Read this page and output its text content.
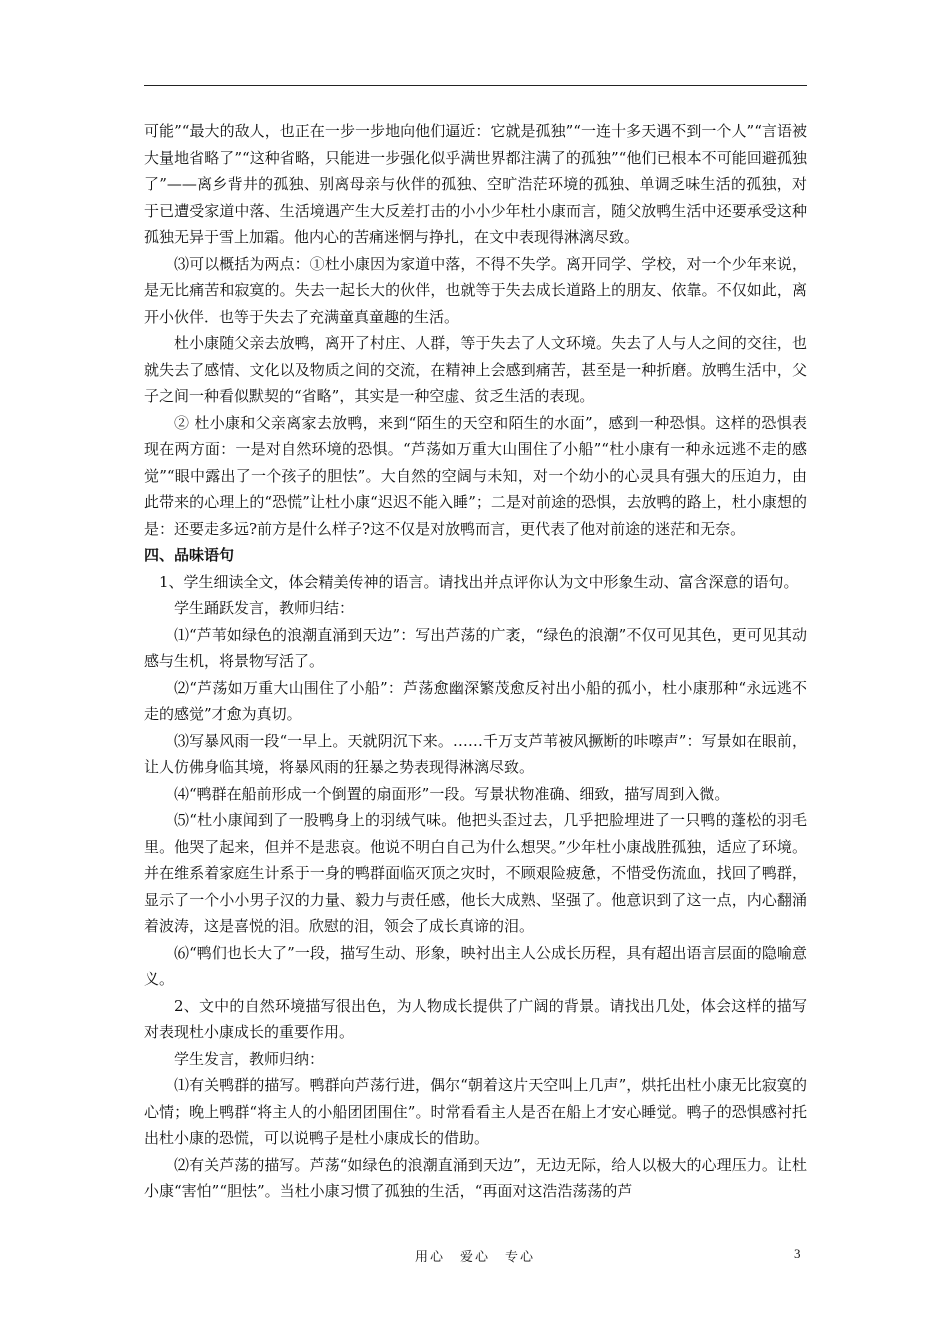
可能”“最大的敌人，也正在一步一步地向他们逼近：它就是孤独”“一连十多天遇不到一个人”“言语被大量地省略了”“这种省略，只能进一步强化似乎满世界都注满了的孤独”“他们已根本不可能回避孤独了”——离乡背井的孤独、别离母亲与伙伴的孤独、空旷浩茫环境的孤独、单调乏味生活的孤独，对于已遭受家道中落、生活境遇产生大反差打击的小小少年杜小康而言，随父放鸭生活中还要承受这种孤独无异于雪上加霜。他内心的苦痛迷惘与挣扎，在文中表现得淋漓尽致。

⑶可以概括为两点：①杜小康因为家道中落，不得不失学。离开同学、学校，对一个少年来说，是无比痛苦和寂寞的。失去一起长大的伙伴，也就等于失去成长道路上的朋友、依靠。不仅如此，离开小伙伴．也等于失去了充满童真童趣的生活。

杜小康随父亲去放鸭，离开了村庄、人群，等于失去了人文环境。失去了人与人之间的交往，也就失去了感情、文化以及物质之间的交流，在精神上会感到痛苦，甚至是一种折磨。放鸭生活中，父子之间一种看似默契的“省略”，其实是一种空虚、贫乏生活的表现。

② 杜小康和父亲离家去放鸭，来到“陌生的天空和陌生的水面”，感到一种恐惧。这样的恐惧表现在两方面：一是对自然环境的恐惧。“芦荡如万重大山围住了小船”“杜小康有一种永远逃不走的感觉”“眼中露出了一个孩子的胆怯”。大自然的空阔与未知，对一个幼小的心灵具有强大的压迫力，由此带来的心理上的“恐慌”让杜小康“迟迟不能入睡”；二是对前途的恐惧，去放鸭的路上，杜小康想的是：还要走多远?前方是什么样子?这不仅是对放鸭而言，更代表了他对前途的迷茫和无奈。

四、品味语句

1、学生细读全文，体会精美传神的语言。请找出并点评你认为文中形象生动、富含深意的语句。

学生踊跃发言，教师归结：

⑴“芦苇如绿色的浪潮直涌到天边”：写出芦荡的广袤，“绿色的浪潮”不仅可见其色，更可见其动感与生机，将景物写活了。

⑵“芦荡如万重大山围住了小船”：芦荡愈幽深繁茂愈反衬出小船的孤小，杜小康那种“永远逃不走的感觉”才愈为真切。

⑶写暴风雨一段“一早上。天就阴沉下来。……千万支芦苇被风撅断的咔嚓声”：写景如在眼前，让人仿佛身临其境，将暴风雨的狂暴之势表现得淋漓尽致。

⑷“鸭群在船前形成一个倒置的扇面形”一段。写景状物准确、细致，描写周到入微。

⑸“杜小康闻到了一股鸭身上的羽绒气味。他把头歪过去，几乎把脸埋进了一只鸭的蓬松的羽毛里。他哭了起来，但并不是悲哀。他说不明白自己为什么想哭。”少年杜小康战胜孤独，适应了环境。并在维系着家庭生计系于一身的鸭群面临灭顶之灾时，不顾艰险疲惫，不惜受伤流血，找回了鸭群，显示了一个小小男子汉的力量、毅力与责任感，他长大成熟、坚强了。他意识到了这一点，内心翻涌着波涛，这是喜悦的泪。欣慰的泪，领会了成长真谛的泪。

⑹“鸭们也长大了”一段，描写生动、形象，映衬出主人公成长历程，具有超出语言层面的隐喻意义。

2、文中的自然环境描写很出色，为人物成长提供了广阔的背景。请找出几处，体会这样的描写对表现杜小康成长的重要作用。

学生发言，教师归纳：

⑴有关鸭群的描写。鸭群向芦荡行进，偶尔“朝着这片天空叫上几声”，烘托出杜小康无比寂寞的心情；晚上鸭群“将主人的小船团团围住”。时常看看主人是否在船上才安心睡觉。鸭子的恐惧感衬托出杜小康的恐慌，可以说鸭子是杜小康成长的借助。

⑵有关芦荡的描写。芦荡“如绿色的浪潮直涌到天边”，无边无际，给人以极大的心理压力。让杜小康“害怕”“胆怯”。当杜小康习惯了孤独的生活，“再面对这浩浩荡荡的芦

用心　爱心　专心	3
